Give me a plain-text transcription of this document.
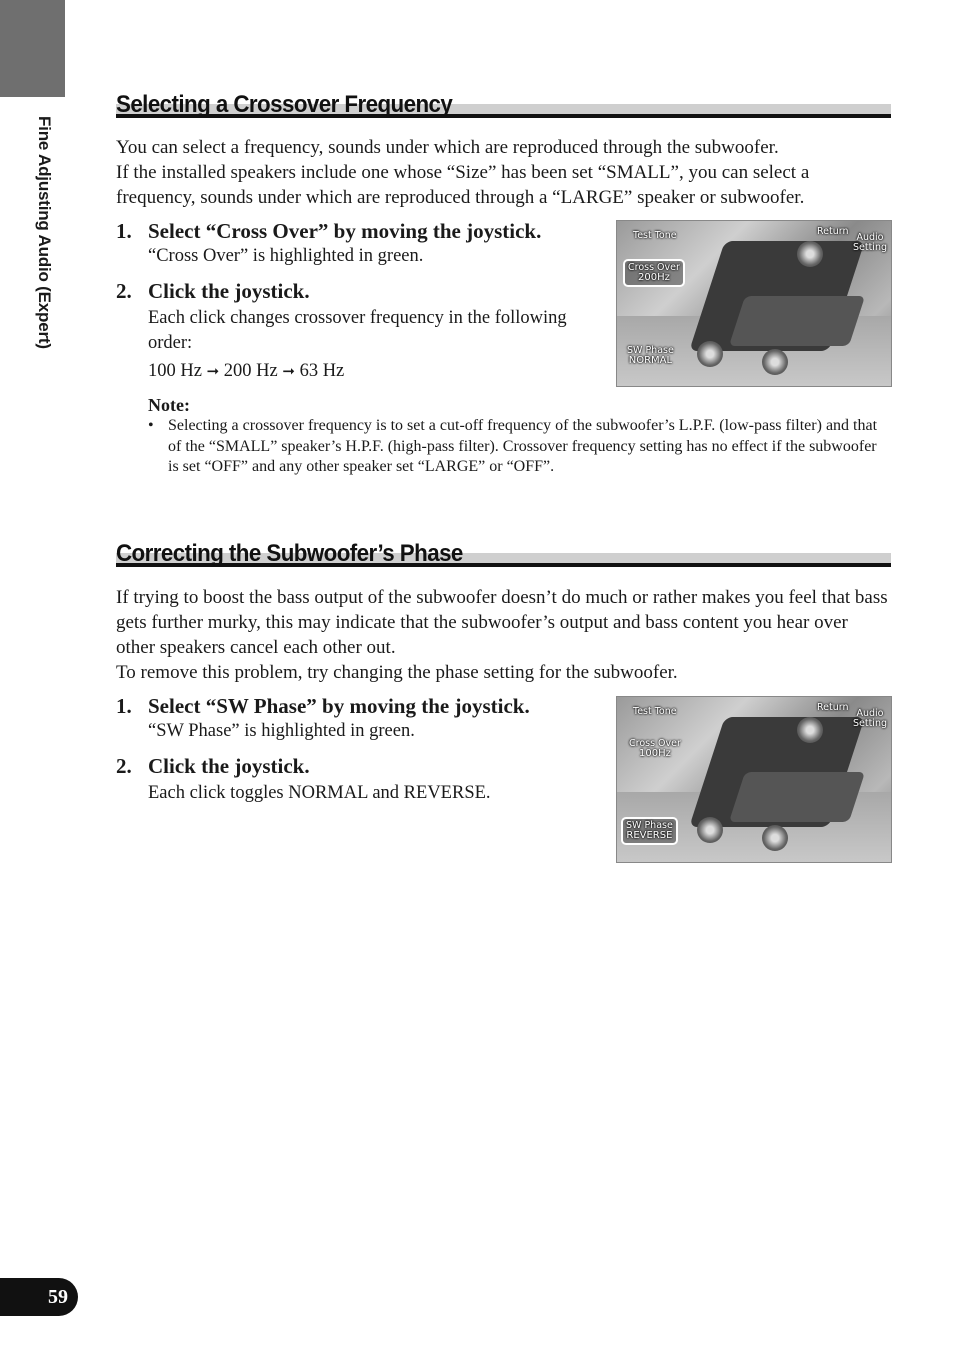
Fine Adjusting Audio (Expert)
Selecting a Crossover Frequency

You can select a frequency, sounds under which are reproduced through the subwoofer.

If the installed speakers include one whose “Size” has been set “SMALL”, you can select a frequency, sounds under which are reproduced through a “LARGE” speaker or subwoofer.

1. Select “Cross Over” by moving the joystick.

“Cross Over” is highlighted in green.

2. Click the joystick.

Each click changes crossover frequency in the following order:

100 Hz ➞ 200 Hz ➞ 63 Hz

Note:

• Selecting a crossover frequency is to set a cut-off frequency of the subwoofer’s L.P.F. (low-pass filter) and that of the “SMALL” speaker’s H.P.F. (high-pass filter). Crossover frequency setting has no effect if the subwoofer is set “OFF” and any other speaker set “LARGE” or “OFF”.
Test Tone
Cross Over
200Hz
SW Phase
NORMAL
Return
Audio Setting
Correcting the Subwoofer’s Phase

If trying to boost the bass output of the subwoofer doesn’t do much or rather makes you feel that bass gets further murky, this may indicate that the subwoofer’s output and bass content you hear over other speakers cancel each other out.

To remove this problem, try changing the phase setting for the subwoofer.

1. Select “SW Phase” by moving the joystick.

“SW Phase” is highlighted in green.

2. Click the joystick.

Each click toggles NORMAL and REVERSE.

Test Tone
Cross Over
100Hz
SW Phase
REVERSE
Return
Audio Setting
59
